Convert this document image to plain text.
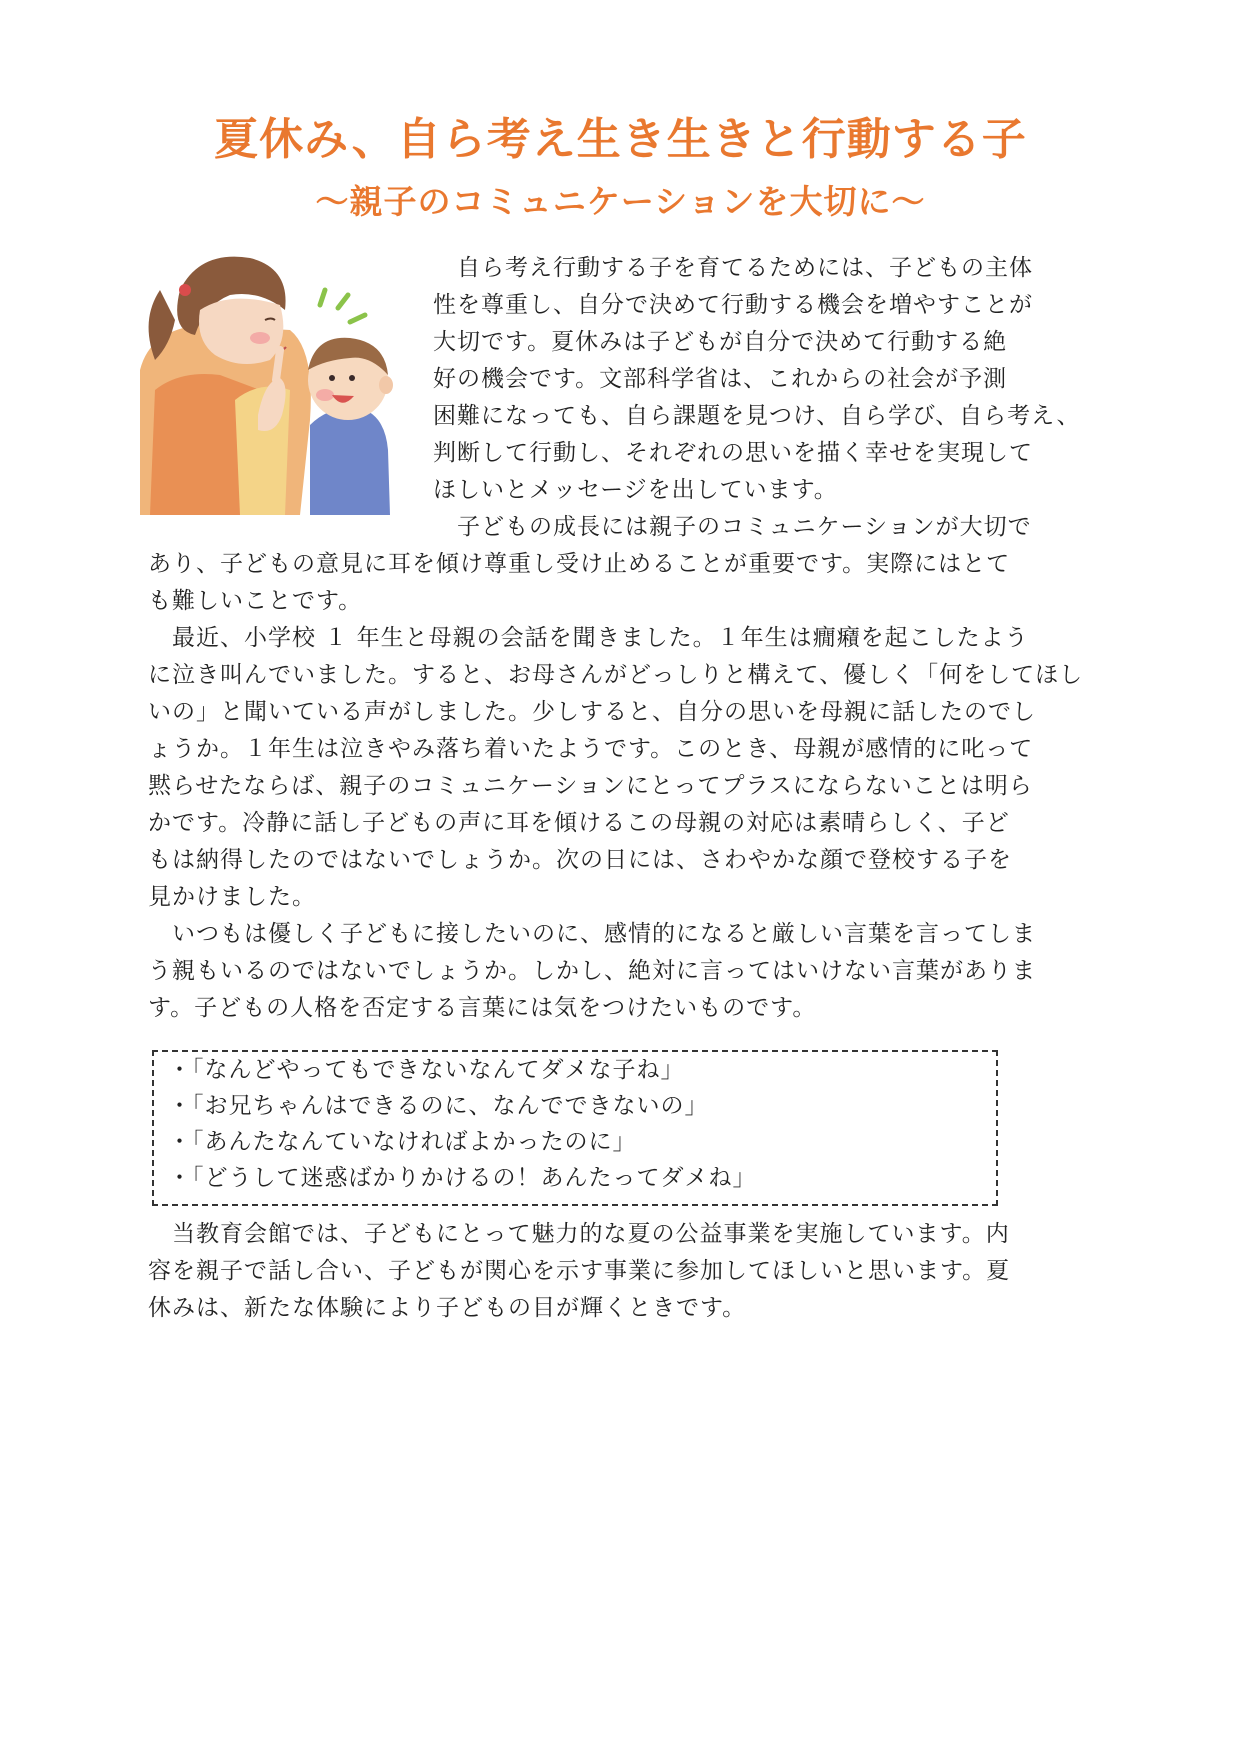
夏休み、自ら考え生き生きと行動する子
～親子のコミュニケーションを大切に～

　自ら考え行動する子を育てるためには、子どもの主体

性を尊重し、自分で決めて行動する機会を増やすことが

大切です。夏休みは子どもが自分で決めて行動する絶

好の機会です。文部科学省は、これからの社会が予測

困難になっても、自ら課題を見つけ、自ら学び、自ら考え、

判断して行動し、それぞれの思いを描く幸せを実現して

ほしいとメッセージを出しています。

　子どもの成長には親子のコミュニケーションが大切で

あり、子どもの意見に耳を傾け尊重し受け止めることが重要です。実際にはとて

も難しいことです。

　最近、小学校 １ 年生と母親の会話を聞きました。１年生は癇癪を起こしたよう

に泣き叫んでいました。すると、お母さんがどっしりと構えて、優しく「何をしてほし

いの」と聞いている声がしました。少しすると、自分の思いを母親に話したのでし

ょうか。１年生は泣きやみ落ち着いたようです。このとき、母親が感情的に叱って

黙らせたならば、親子のコミュニケーションにとってプラスにならないことは明ら

かです。冷静に話し子どもの声に耳を傾けるこの母親の対応は素晴らしく、子ど

もは納得したのではないでしょうか。次の日には、さわやかな顔で登校する子を

見かけました。

　いつもは優しく子どもに接したいのに、感情的になると厳しい言葉を言ってしま

う親もいるのではないでしょうか。しかし、絶対に言ってはいけない言葉がありま

す。子どもの人格を否定する言葉には気をつけたいものです。

・「なんどやってもできないなんてダメな子ね」

・「お兄ちゃんはできるのに、なんでできないの」

・「あんたなんていなければよかったのに」

・「どうして迷惑ばかりかけるの！あんたってダメね」

　当教育会館では、子どもにとって魅力的な夏の公益事業を実施しています。内

容を親子で話し合い、子どもが関心を示す事業に参加してほしいと思います。夏

休みは、新たな体験により子どもの目が輝くときです。
